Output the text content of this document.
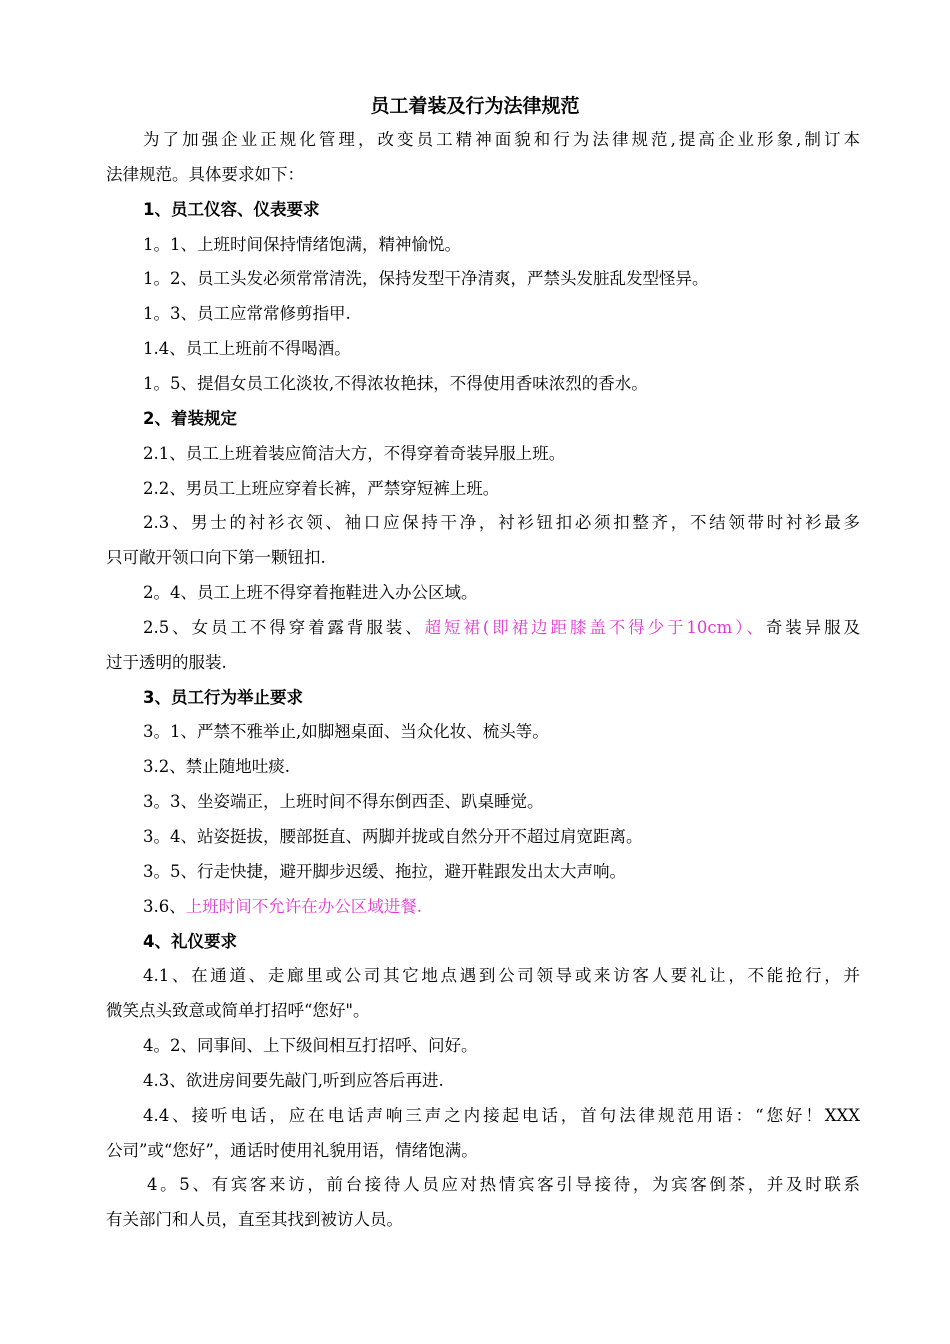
员工着装及行为法律规范
为了加强企业正规化管理，改变员工精神面貌和行为法律规范,提高企业形象,制订本
法律规范。具体要求如下：
1、员工仪容、仪表要求
1。1、上班时间保持情绪饱满，精神愉悦。
1。2、员工头发必须常常清洗，保持发型干净清爽，严禁头发脏乱发型怪异。
1。3、员工应常常修剪指甲.
1.4、员工上班前不得喝酒。
1。5、提倡女员工化淡妆,不得浓妆艳抹，不得使用香味浓烈的香水。
2、着装规定
2.1、员工上班着装应简洁大方，不得穿着奇装异服上班。
2.2、男员工上班应穿着长裤，严禁穿短裤上班。
2.3、男士的衬衫衣领、袖口应保持干净，衬衫钮扣必须扣整齐，不结领带时衬衫最多
只可敞开领口向下第一颗钮扣.
2。4、员工上班不得穿着拖鞋进入办公区域。
2.5、女员工不得穿着露背服装、超短裙(即裙边距膝盖不得少于10cm）、奇装异服及
过于透明的服装.
3、员工行为举止要求
3。1、严禁不雅举止,如脚翘桌面、当众化妆、梳头等。
3.2、禁止随地吐痰.
3。3、坐姿端正，上班时间不得东倒西歪、趴桌睡觉。
3。4、站姿挺拔，腰部挺直、两脚并拢或自然分开不超过肩宽距离。
3。5、行走快捷，避开脚步迟缓、拖拉，避开鞋跟发出太大声响。
3.6、上班时间不允许在办公区域进餐.
4、礼仪要求
4.1、在通道、走廊里或公司其它地点遇到公司领导或来访客人要礼让，不能抢行，并
微笑点头致意或简单打招呼“您好"。
4。2、同事间、上下级间相互打招呼、问好。
4.3、欲进房间要先敲门,听到应答后再进.
4.4、接听电话，应在电话声响三声之内接起电话，首句法律规范用语：“您好！XXX
公司”或“您好”，通话时使用礼貌用语，情绪饱满。
4。5、有宾客来访，前台接待人员应对热情宾客引导接待，为宾客倒茶，并及时联系
有关部门和人员，直至其找到被访人员。
